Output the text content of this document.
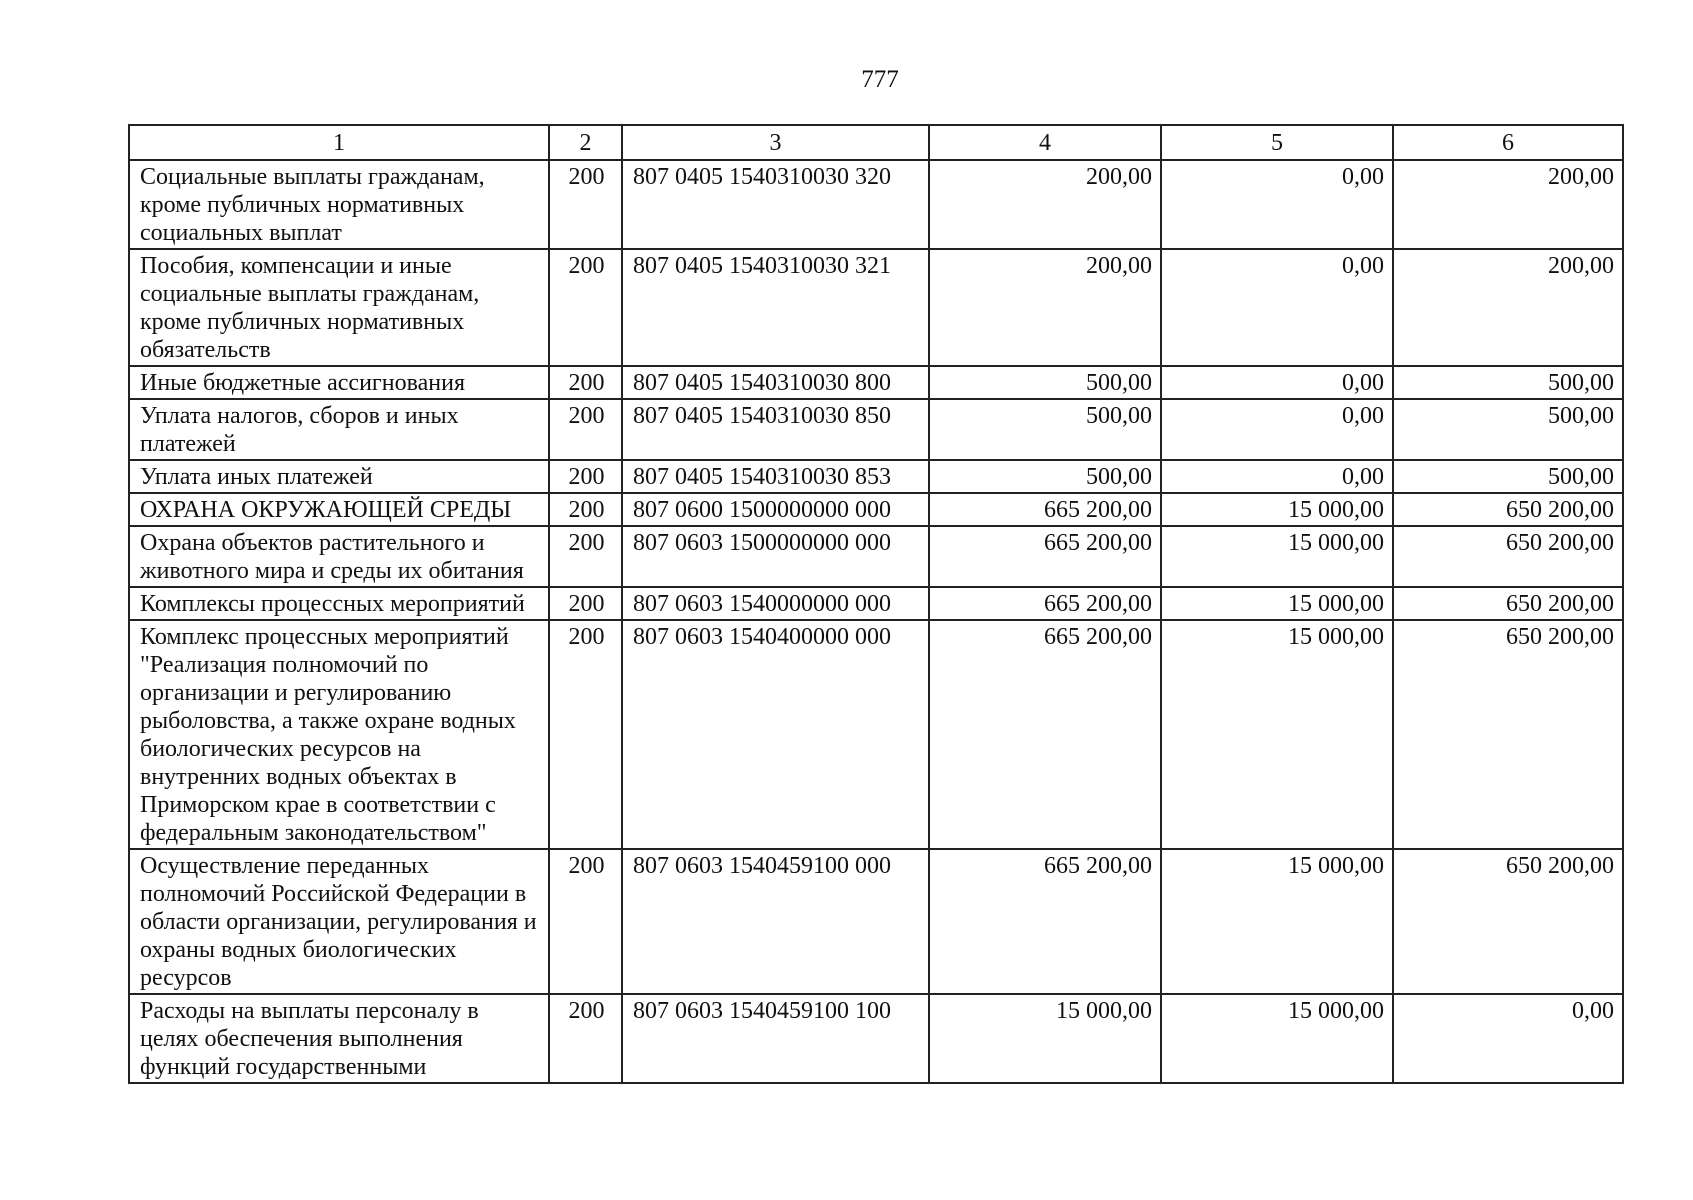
777
1	2	3	4	5	6
Социальные выплаты гражданам, кроме публичных нормативных социальных выплат	200	807 0405 1540310030 320	200,00	0,00	200,00
Пособия, компенсации и иные социальные выплаты гражданам, кроме публичных нормативных обязательств	200	807 0405 1540310030 321	200,00	0,00	200,00
Иные бюджетные ассигнования	200	807 0405 1540310030 800	500,00	0,00	500,00
Уплата налогов, сборов и иных платежей	200	807 0405 1540310030 850	500,00	0,00	500,00
Уплата иных платежей	200	807 0405 1540310030 853	500,00	0,00	500,00
ОХРАНА ОКРУЖАЮЩЕЙ СРЕДЫ	200	807 0600 1500000000 000	665 200,00	15 000,00	650 200,00
Охрана объектов растительного и животного мира и среды их обитания	200	807 0603 1500000000 000	665 200,00	15 000,00	650 200,00
Комплексы процессных мероприятий	200	807 0603 1540000000 000	665 200,00	15 000,00	650 200,00
Комплекс процессных мероприятий "Реализация полномочий по организации и регулированию рыболовства, а также охране водных биологических ресурсов на внутренних водных объектах в Приморском крае в соответствии с федеральным законодательством"	200	807 0603 1540400000 000	665 200,00	15 000,00	650 200,00
Осуществление переданных полномочий Российской Федерации в области организации, регулирования и охраны водных биологических ресурсов	200	807 0603 1540459100 000	665 200,00	15 000,00	650 200,00
Расходы на выплаты персоналу в целях обеспечения выполнения функций государственными	200	807 0603 1540459100 100	15 000,00	15 000,00	0,00
